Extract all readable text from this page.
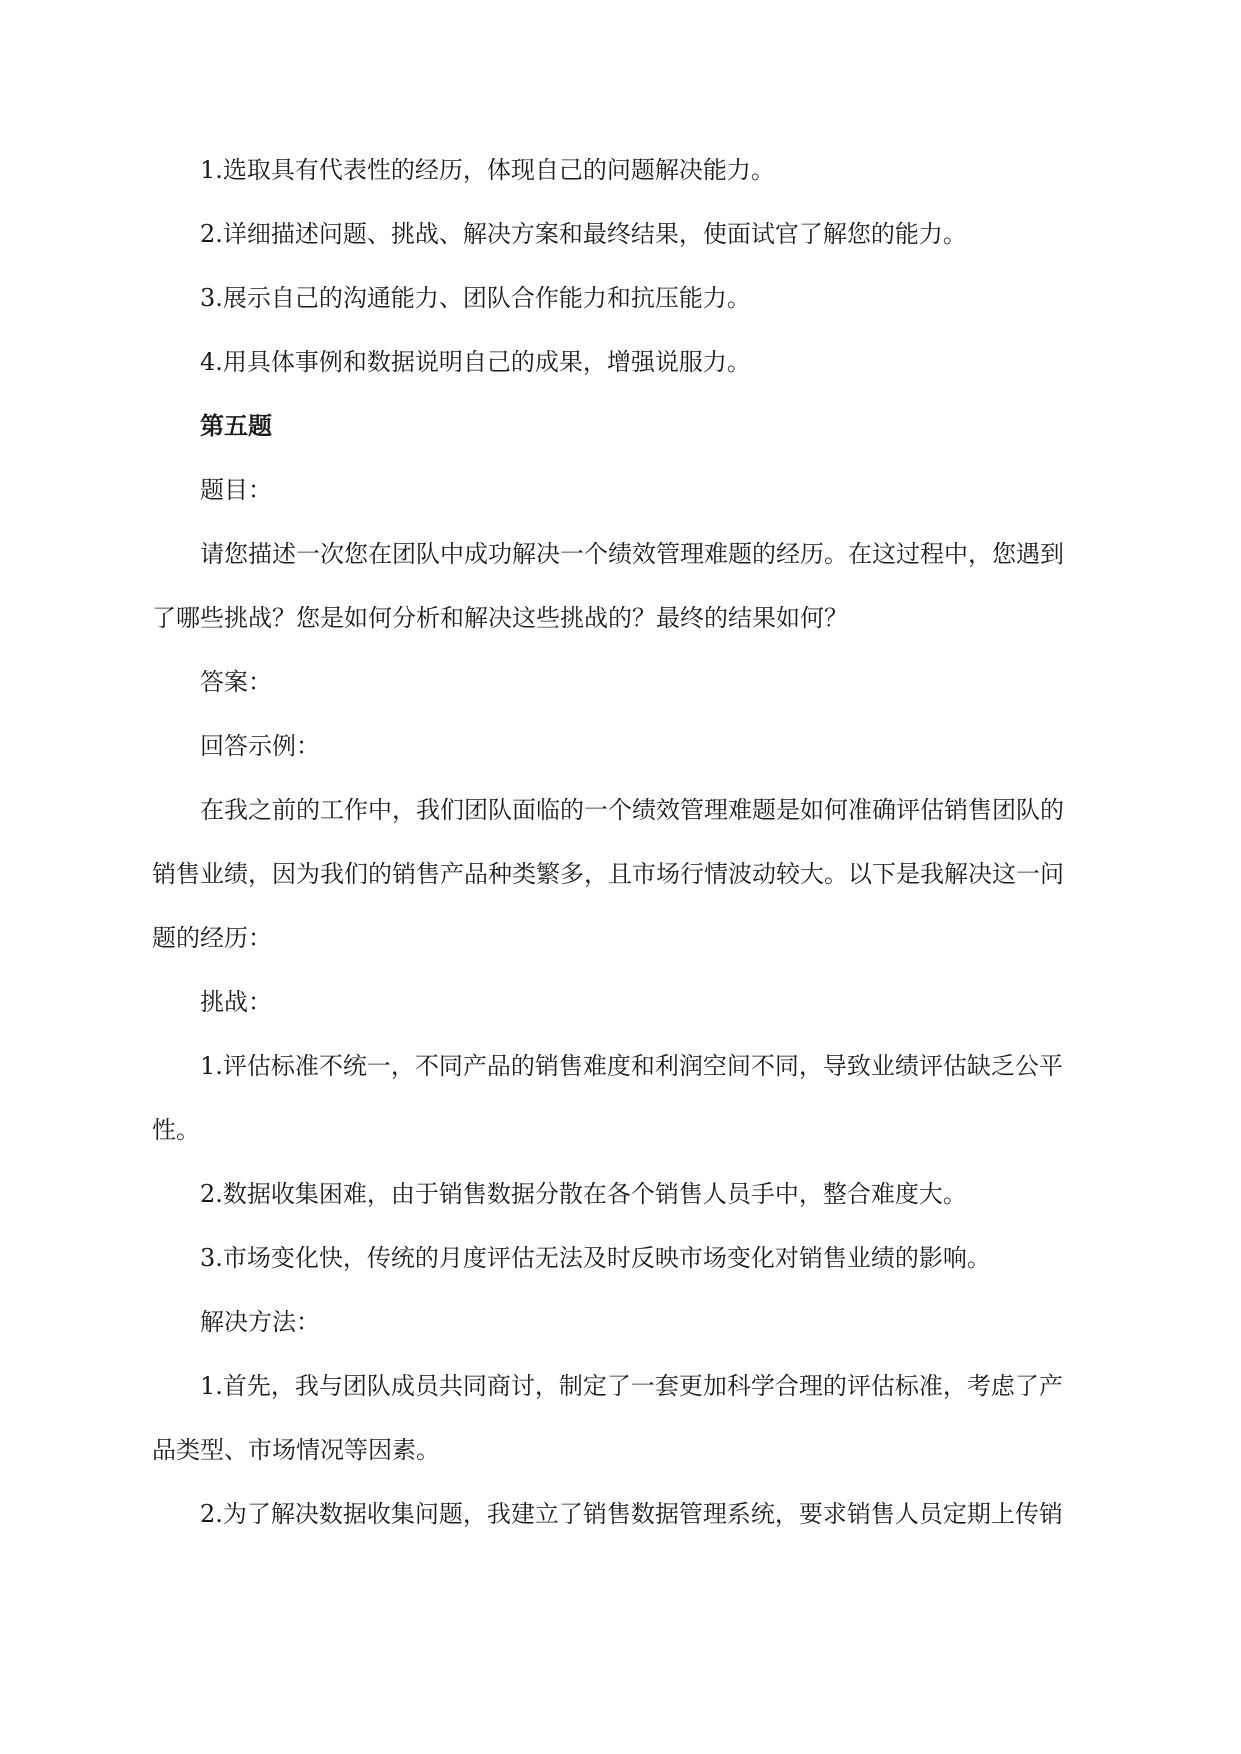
1.选取具有代表性的经历，体现自己的问题解决能力。

2.详细描述问题、挑战、解决方案和最终结果，使面试官了解您的能力。

3.展示自己的沟通能力、团队合作能力和抗压能力。

4.用具体事例和数据说明自己的成果，增强说服力。

第五题

题目：

请您描述一次您在团队中成功解决一个绩效管理难题的经历。在这过程中，您遇到了哪些挑战？您是如何分析和解决这些挑战的？最终的结果如何？

答案：

回答示例：

在我之前的工作中，我们团队面临的一个绩效管理难题是如何准确评估销售团队的销售业绩，因为我们的销售产品种类繁多，且市场行情波动较大。以下是我解决这一问题的经历：

挑战：

1.评估标准不统一，不同产品的销售难度和利润空间不同，导致业绩评估缺乏公平性。

2.数据收集困难，由于销售数据分散在各个销售人员手中，整合难度大。

3.市场变化快，传统的月度评估无法及时反映市场变化对销售业绩的影响。

解决方法：

1.首先，我与团队成员共同商讨，制定了一套更加科学合理的评估标准，考虑了产品类型、市场情况等因素。

2.为了解决数据收集问题，我建立了销售数据管理系统，要求销售人员定期上传销
